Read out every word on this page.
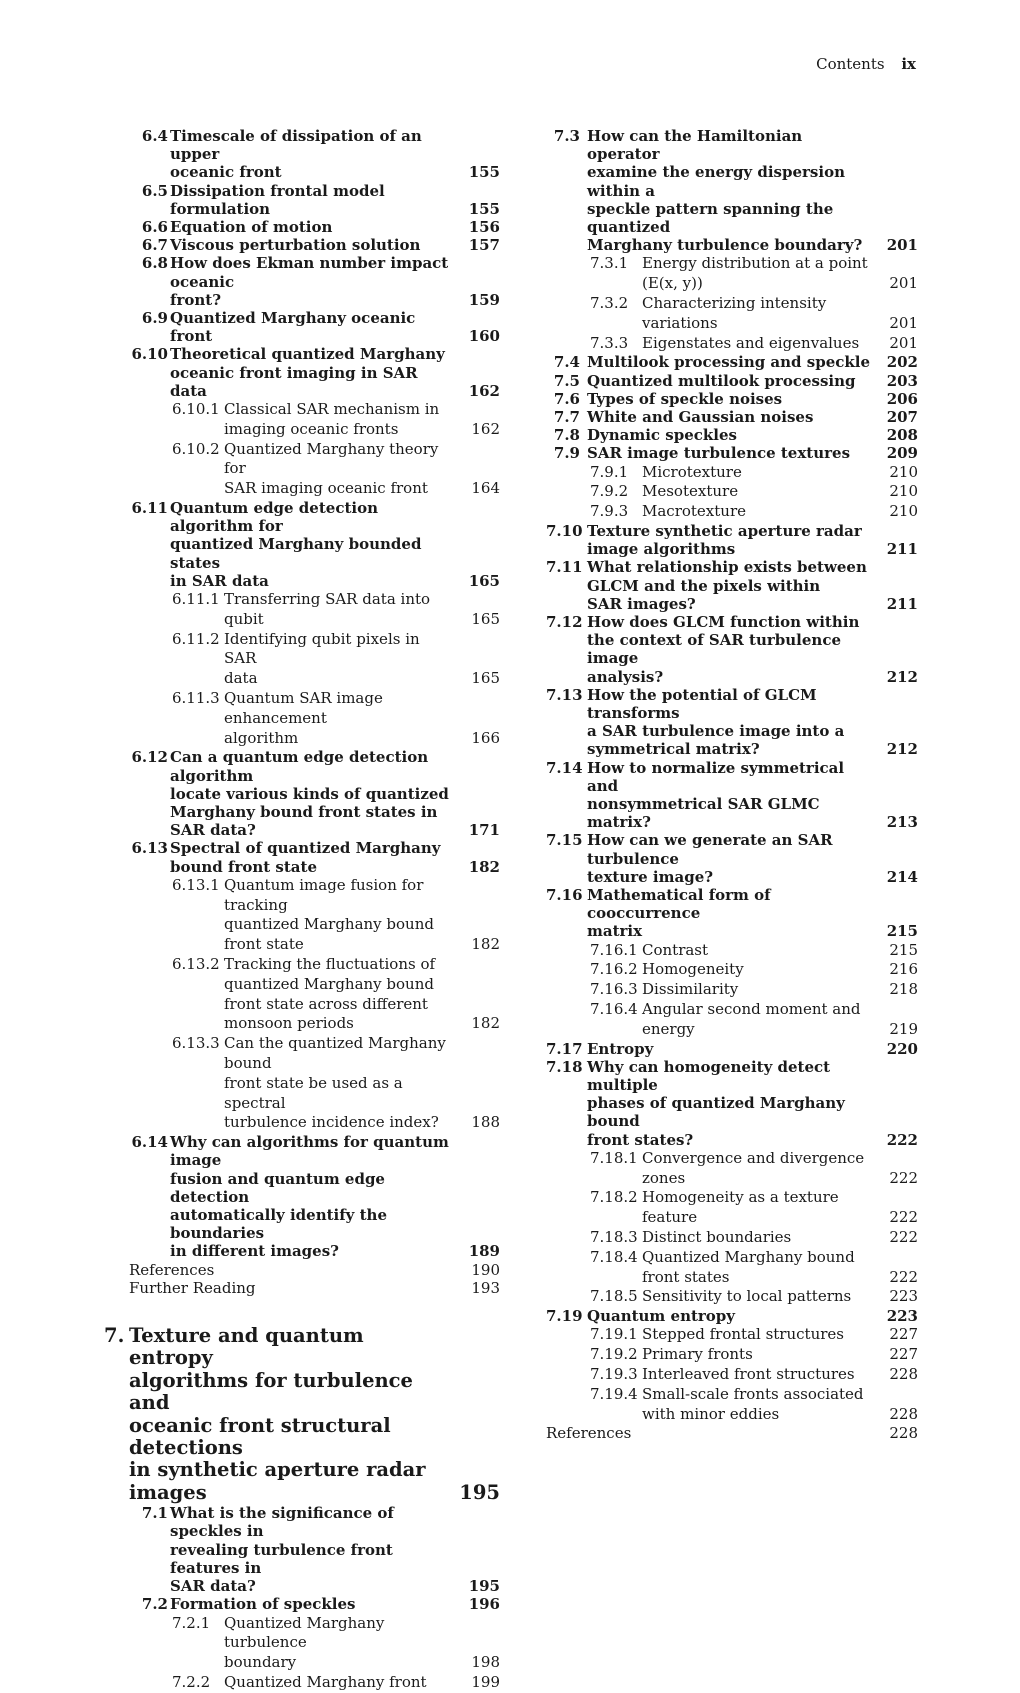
Contents ix
6.4 Timescale of dissipation of an upper
oceanic front	155
6.5 Dissipation frontal model formulation	155
6.6 Equation of motion	156
6.7 Viscous perturbation solution	157
6.8 How does Ekman number impact oceanic
front?	159
6.9 Quantized Marghany oceanic front	160
6.10 Theoretical quantized Marghany
oceanic front imaging in SAR data	162
6.10.1 Classical SAR mechanism in
imaging oceanic fronts	162
6.10.2 Quantized Marghany theory for
SAR imaging oceanic front	164
6.11 Quantum edge detection algorithm for
quantized Marghany bounded states
in SAR data	165
6.11.1 Transferring SAR data into qubit	165
6.11.2 Identifying qubit pixels in SAR
data	165
6.11.3 Quantum SAR image enhancement
algorithm	166
6.12 Can a quantum edge detection algorithm
locate various kinds of quantized
Marghany bound front states in
SAR data?	171
6.13 Spectral of quantized Marghany
bound front state	182
6.13.1 Quantum image fusion for tracking
quantized Marghany bound
front state	182
6.13.2 Tracking the fluctuations of
quantized Marghany bound
front state across different
monsoon periods	182
6.13.3 Can the quantized Marghany bound
front state be used as a spectral
turbulence incidence index?	188
6.14 Why can algorithms for quantum image
fusion and quantum edge detection
automatically identify the boundaries
in different images?	189
References	190
Further Reading	193
7. Texture and quantum entropy
algorithms for turbulence and
oceanic front structural detections
in synthetic aperture radar images	195
7.1 What is the significance of speckles in
revealing turbulence front features in
SAR data?	195
7.2 Formation of speckles	196
7.2.1 Quantized Marghany turbulence
boundary	198
7.2.2 Quantized Marghany front	199
7.3 How can the Hamiltonian operator
examine the energy dispersion within a
speckle pattern spanning the quantized
Marghany turbulence boundary?	201
7.3.1 Energy distribution at a point
(E(x, y))	201
7.3.2 Characterizing intensity variations	201
7.3.3 Eigenstates and eigenvalues	201
7.4 Multilook processing and speckle 202
7.5 Quantized multilook processing	203
7.6 Types of speckle noises	206
7.7 White and Gaussian noises	207
7.8 Dynamic speckles	208
7.9 SAR image turbulence textures	209
7.9.1 Microtexture	210
7.9.2 Mesotexture	210
7.9.3 Macrotexture	210
7.10 Texture synthetic aperture radar
image algorithms	211
7.11 What relationship exists between
GLCM and the pixels within
SAR images?	211
7.12 How does GLCM function within
the context of SAR turbulence image
analysis?	212
7.13 How the potential of GLCM transforms
a SAR turbulence image into a
symmetrical matrix?	212
7.14 How to normalize symmetrical and
nonsymmetrical SAR GLMC matrix?	213
7.15 How can we generate an SAR turbulence
texture image?	214
7.16 Mathematical form of cooccurrence
matrix	215
7.16.1 Contrast	215
7.16.2 Homogeneity	216
7.16.3 Dissimilarity	218
7.16.4 Angular second moment and
energy	219
7.17 Entropy	220
7.18 Why can homogeneity detect multiple
phases of quantized Marghany bound
front states?	222
7.18.1 Convergence and divergence
zones	222
7.18.2 Homogeneity as a texture feature	222
7.18.3 Distinct boundaries	222
7.18.4 Quantized Marghany bound
front states	222
7.18.5 Sensitivity to local patterns	223
7.19 Quantum entropy	223
7.19.1 Stepped frontal structures	227
7.19.2 Primary fronts	227
7.19.3 Interleaved front structures	228
7.19.4 Small-scale fronts associated
with minor eddies	228
References	228
